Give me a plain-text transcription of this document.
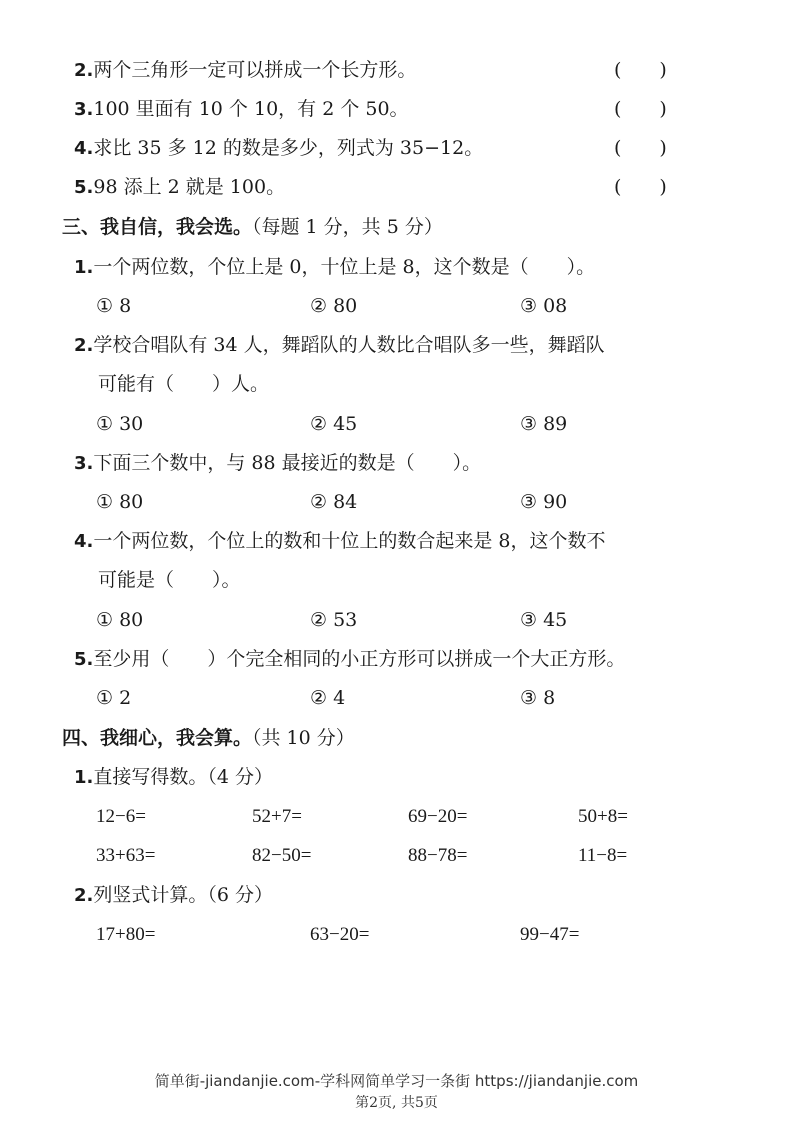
2.两个三角形一定可以拼成一个长方形。	(　　)
3.100 里面有 10 个 10，有 2 个 50。	(　　)
4.求比 35 多 12 的数是多少，列式为 35−12。	(　　)
5.98 添上 2 就是 100。	(　　)
三、我自信，我会选。（每题 1 分，共 5 分）
1.一个两位数，个位上是 0，十位上是 8，这个数是（　　）。
① 8	② 80	③ 08
2.学校合唱队有 34 人，舞蹈队的人数比合唱队多一些，舞蹈队
可能有（　　）人。
① 30	② 45	③ 89
3.下面三个数中，与 88 最接近的数是（　　）。
① 80	② 84	③ 90
4.一个两位数，个位上的数和十位上的数合起来是 8，这个数不
可能是（　　）。
① 80	② 53	③ 45
5.至少用（　　）个完全相同的小正方形可以拼成一个大正方形。
① 2	② 4	③ 8
四、我细心，我会算。（共 10 分）
1.直接写得数。（4 分）
12−6=	52+7=	69−20=	50+8=
33+63=	82−50=	88−78=	11−8=
2.列竖式计算。（6 分）
17+80=	63−20=	99−47=
简单街-jiandanjie.com-学科网简单学习一条街 https://jiandanjie.com
第2页, 共5页
